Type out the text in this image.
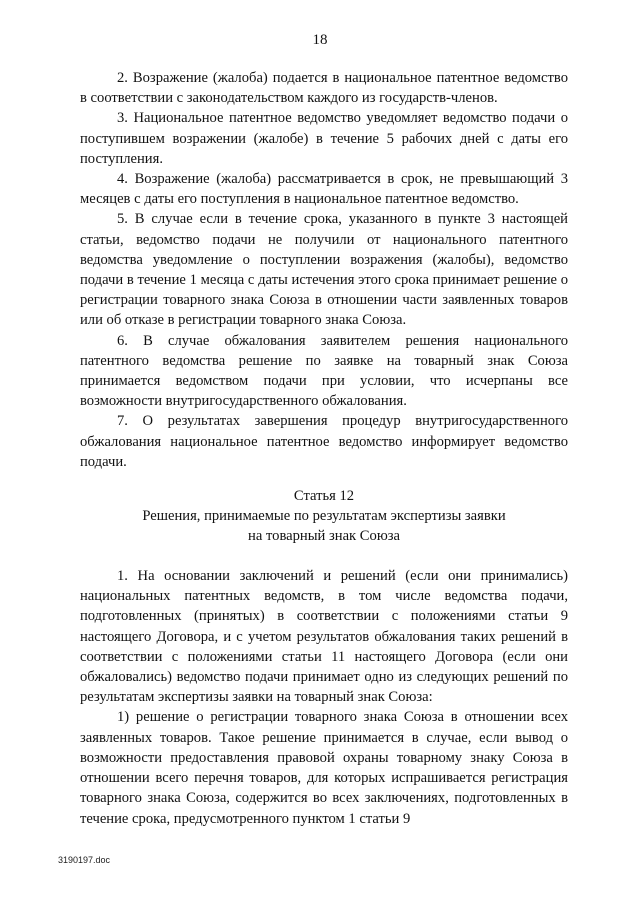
18

2. Возражение (жалоба) подается в национальное патентное ведомство в соответствии с законодательством каждого из государств-членов.

3. Национальное патентное ведомство уведомляет ведомство подачи о поступившем возражении (жалобе) в течение 5 рабочих дней с даты его поступления.

4. Возражение (жалоба) рассматривается в срок, не превышающий 3 месяцев с даты его поступления в национальное патентное ведомство.

5. В случае если в течение срока, указанного в пункте 3 настоящей статьи, ведомство подачи не получили от национального патентного ведомства уведомление о поступлении возражения (жалобы), ведомство подачи в течение 1 месяца с даты истечения этого срока принимает решение о регистрации товарного знака Союза в отношении части заявленных товаров или об отказе в регистрации товарного знака Союза.

6. В случае обжалования заявителем решения национального патентного ведомства решение по заявке на товарный знак Союза принимается ведомством подачи при условии, что исчерпаны все возможности внутригосударственного обжалования.

7. О результатах завершения процедур внутригосударственного обжалования национальное патентное ведомство информирует ведомство подачи.

Статья 12
Решения, принимаемые по результатам экспертизы заявки
на товарный знак Союза

1. На основании заключений и решений (если они принимались) национальных патентных ведомств, в том числе ведомства подачи, подготовленных (принятых) в соответствии с положениями статьи 9 настоящего Договора, и с учетом результатов обжалования таких решений в соответствии с положениями статьи 11 настоящего Договора (если они обжаловались) ведомство подачи принимает одно из следующих решений по результатам экспертизы заявки на товарный знак Союза:

1) решение о регистрации товарного знака Союза в отношении всех заявленных товаров. Такое решение принимается в случае, если вывод о возможности предоставления правовой охраны товарному знаку Союза в отношении всего перечня товаров, для которых испрашивается регистрация товарного знака Союза, содержится во всех заключениях, подготовленных в течение срока, предусмотренного пунктом 1 статьи 9

3190197.doc
